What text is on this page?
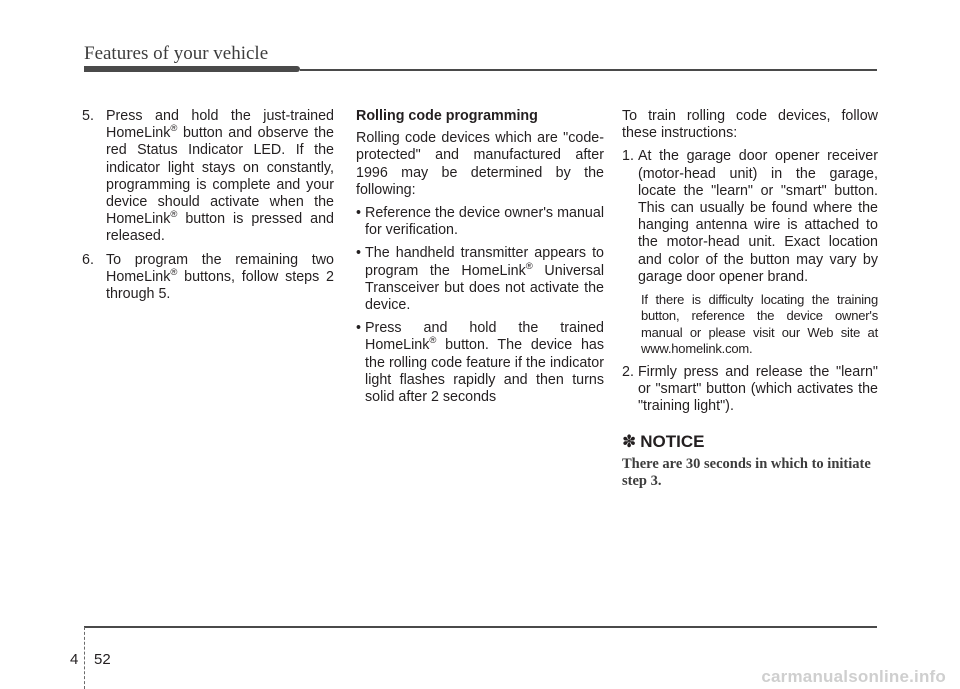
Features of your vehicle
5. Press and hold the just-trained HomeLink® button and observe the red Status Indicator LED. If the indicator light stays on constantly, programming is complete and your device should activate when the HomeLink® button is pressed and released.
6. To program the remaining two HomeLink® buttons, follow steps 2 through 5.

Rolling code programming

Rolling code devices which are "code-protected" and manufactured after 1996 may be determined by the following:

• Reference the device owner's manual for verification.
• The handheld transmitter appears to program the HomeLink® Universal Transceiver but does not activate the device.
• Press and hold the trained HomeLink® button. The device has the rolling code feature if the indicator light flashes rapidly and then turns solid after 2 seconds

To train rolling code devices, follow these instructions:

1. At the garage door opener receiver (motor-head unit) in the garage, locate the "learn" or "smart" button. This can usually be found where the hanging antenna wire is attached to the motor-head unit. Exact location and color of the button may vary by garage door opener brand.

If there is difficulty locating the training button, reference the device owner's manual or please visit our Web site at www.homelink.com.

2. Firmly press and release the "learn" or "smart" button (which activates the "training light").
✽ NOTICE

There are 30 seconds in which to initiate step 3.

4 52
carmanualsonline.info
